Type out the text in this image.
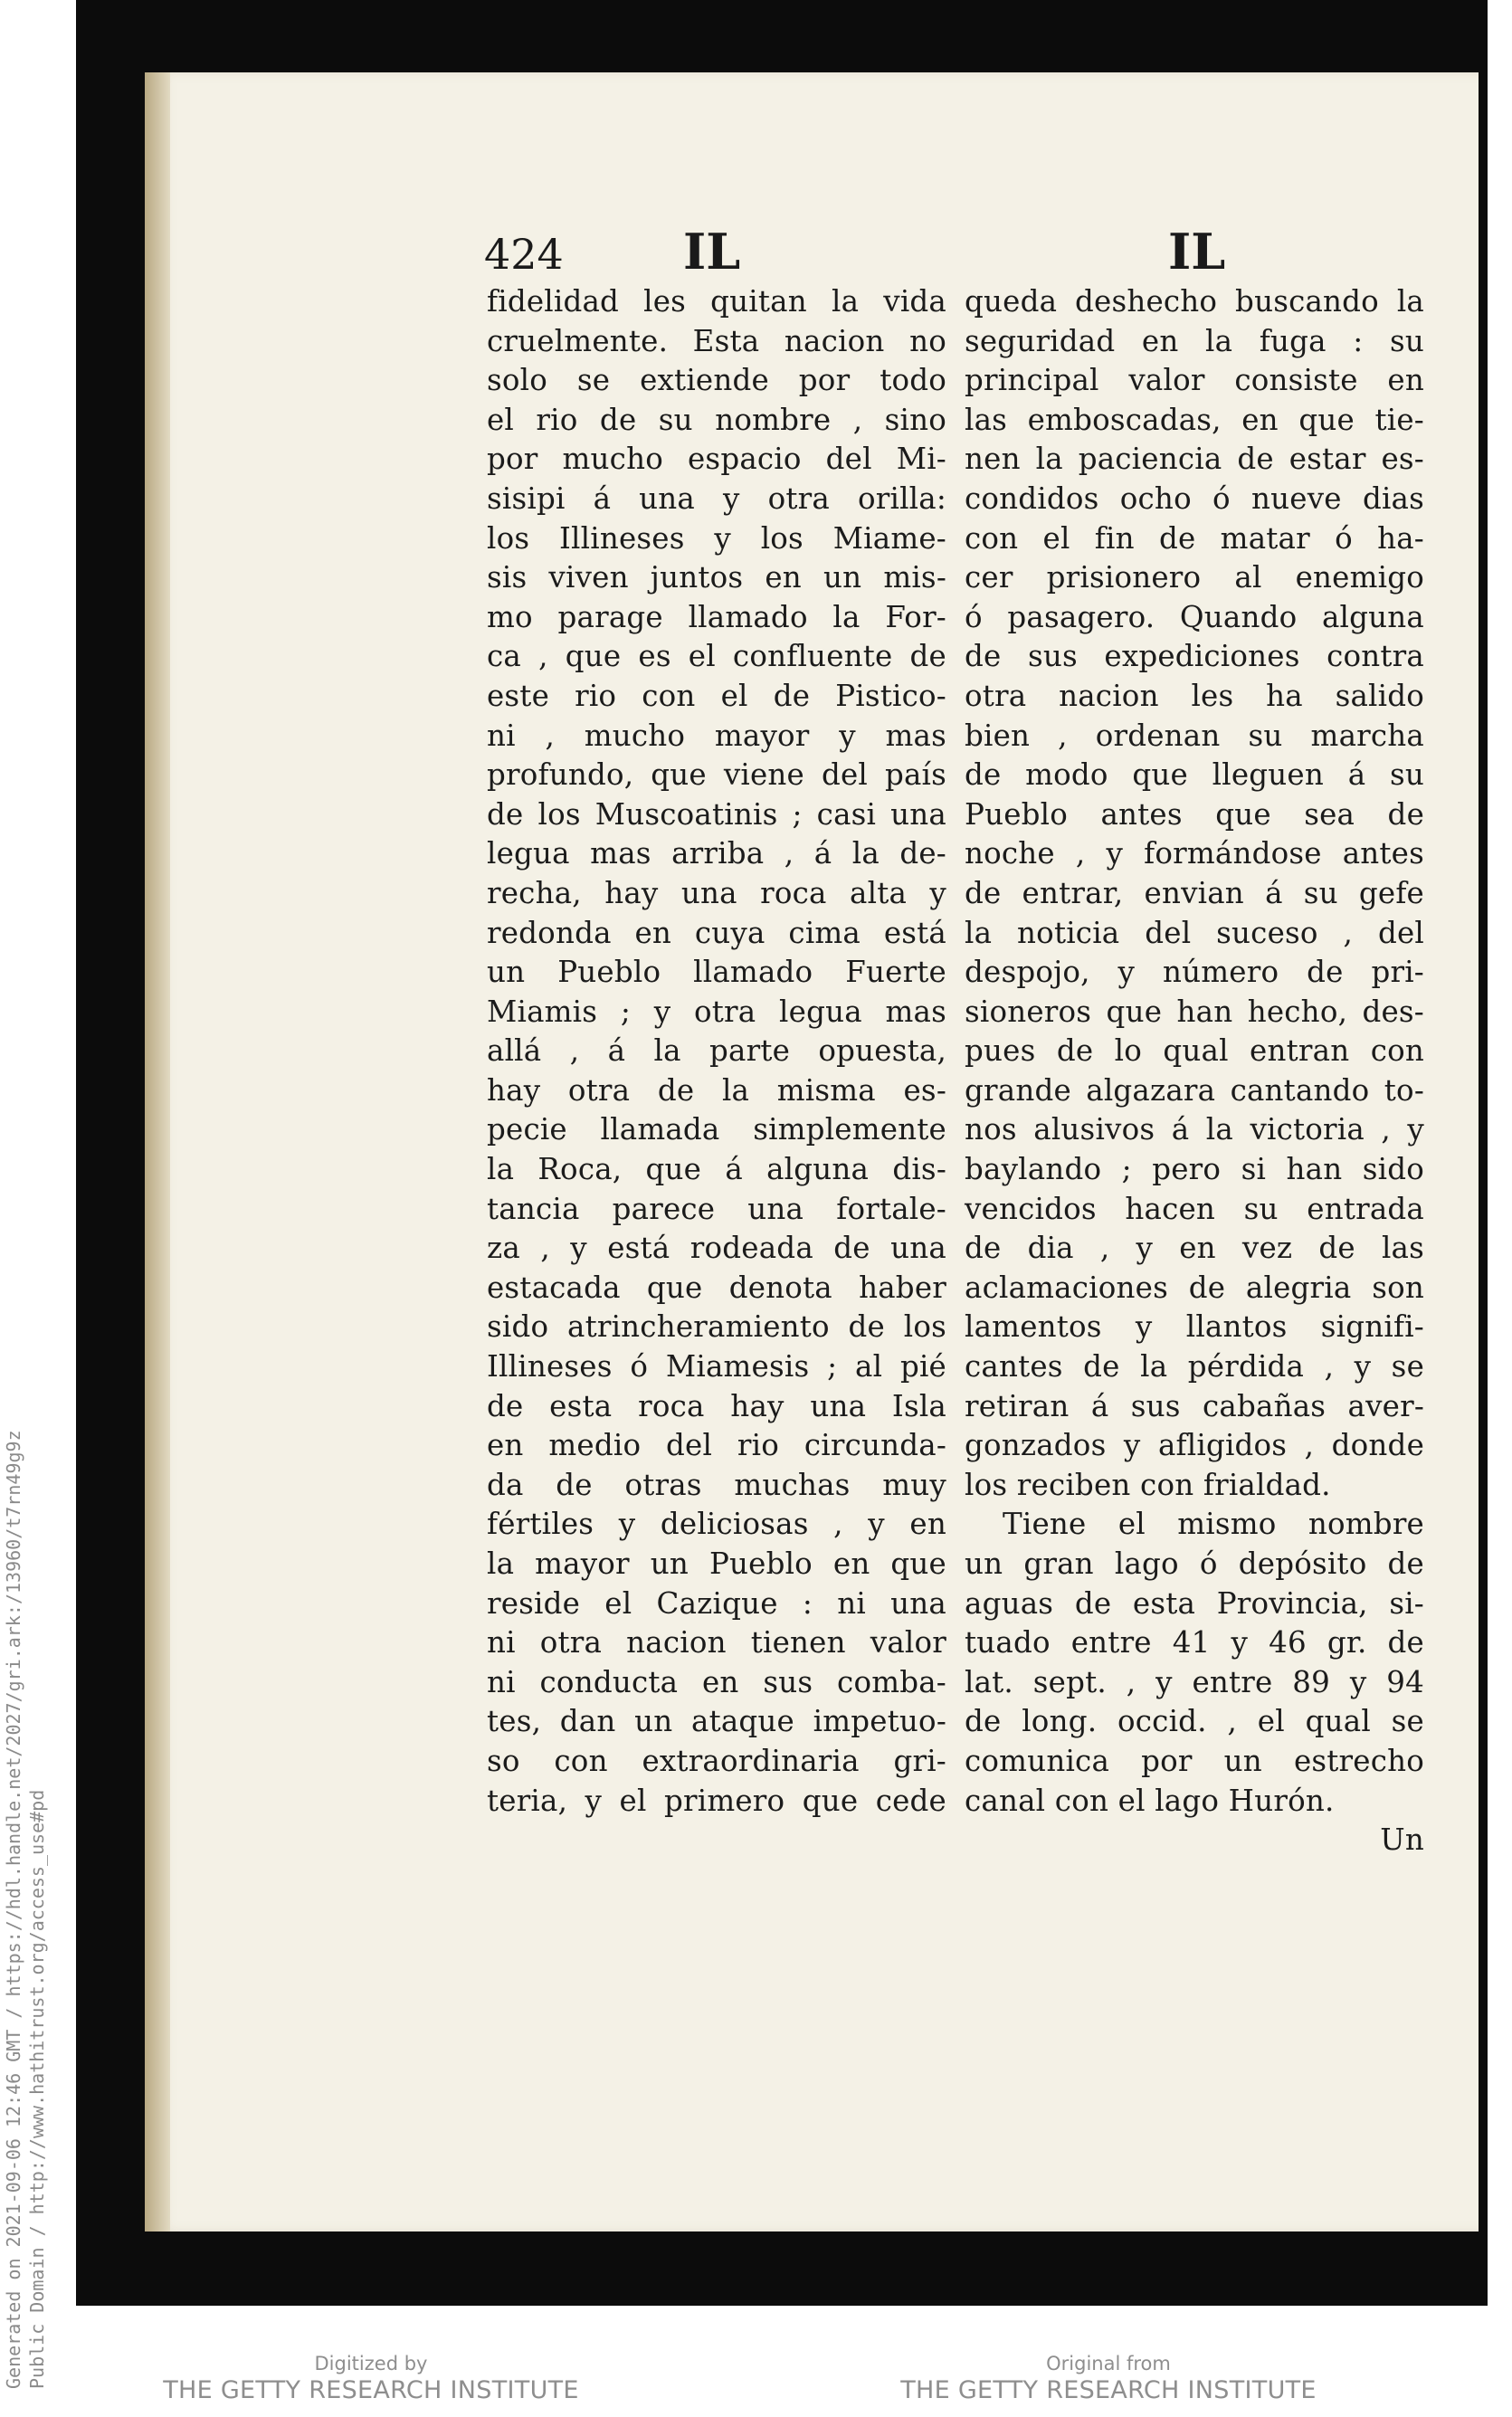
424 IL	IL
fidelidad les quitan la vida
cruelmente. Esta nacion no
solo se extiende por todo
el rio de su nombre , sino
por mucho espacio del Mi-
sisipi á una y otra orilla:
los Illineses y los Miame-
sis viven juntos en un mis-
mo parage llamado la For-
ca , que es el confluente de
este rio con el de Pistico-
ni , mucho mayor y mas
profundo, que viene del país
de los Muscoatinis ; casi una
legua mas arriba , á la de-
recha, hay una roca alta y
redonda en cuya cima está
un Pueblo llamado Fuerte
Miamis ; y otra legua mas
allá , á la parte opuesta,
hay otra de la misma es-
pecie llamada simplemente
la Roca, que á alguna dis-
tancia parece una fortale-
za , y está rodeada de una
estacada que denota haber
sido atrincheramiento de los
Illineses ó Miamesis ; al pié
de esta roca hay una Isla
en medio del rio circunda-
da de otras muchas muy
fértiles y deliciosas , y en
la mayor un Pueblo en que
reside el Cazique : ni una
ni otra nacion tienen valor
ni conducta en sus comba-
tes, dan un ataque impetuo-
so con extraordinaria gri-
teria, y el primero que cede
queda deshecho buscando la
seguridad en la fuga : su
principal valor consiste en
las emboscadas, en que tie-
nen la paciencia de estar es-
condidos ocho ó nueve dias
con el fin de matar ó ha-
cer prisionero al enemigo
ó pasagero. Quando alguna
de sus expediciones contra
otra nacion les ha salido
bien , ordenan su marcha
de modo que lleguen á su
Pueblo antes que sea de
noche , y formándose antes
de entrar, envian á su gefe
la noticia del suceso , del
despojo, y número de pri-
sioneros que han hecho, des-
pues de lo qual entran con
grande algazara cantando to-
nos alusivos á la victoria , y
baylando ; pero si han sido
vencidos hacen su entrada
de dia , y en vez de las
aclamaciones de alegria son
lamentos y llantos signifi-
cantes de la pérdida , y se
retiran á sus cabañas aver-
gonzados y afligidos , donde
los reciben con frialdad.
Tiene el mismo nombre
un gran lago ó depósito de
aguas de esta Provincia, si-
tuado entre 41 y 46 gr. de
lat. sept. , y entre 89 y 94
de long. occid. , el qual se
comunica por un estrecho
canal con el lago Hurón.
Un
Generated on 2021-09-06 12:46 GMT / https://hdl.handle.net/2027/gri.ark:/13960/t7rn49g9z Public Domain / http://www.hathitrust.org/access_use#pd	Digitized by
THE GETTY RESEARCH INSTITUTE
Original from
THE GETTY RESEARCH INSTITUTE
